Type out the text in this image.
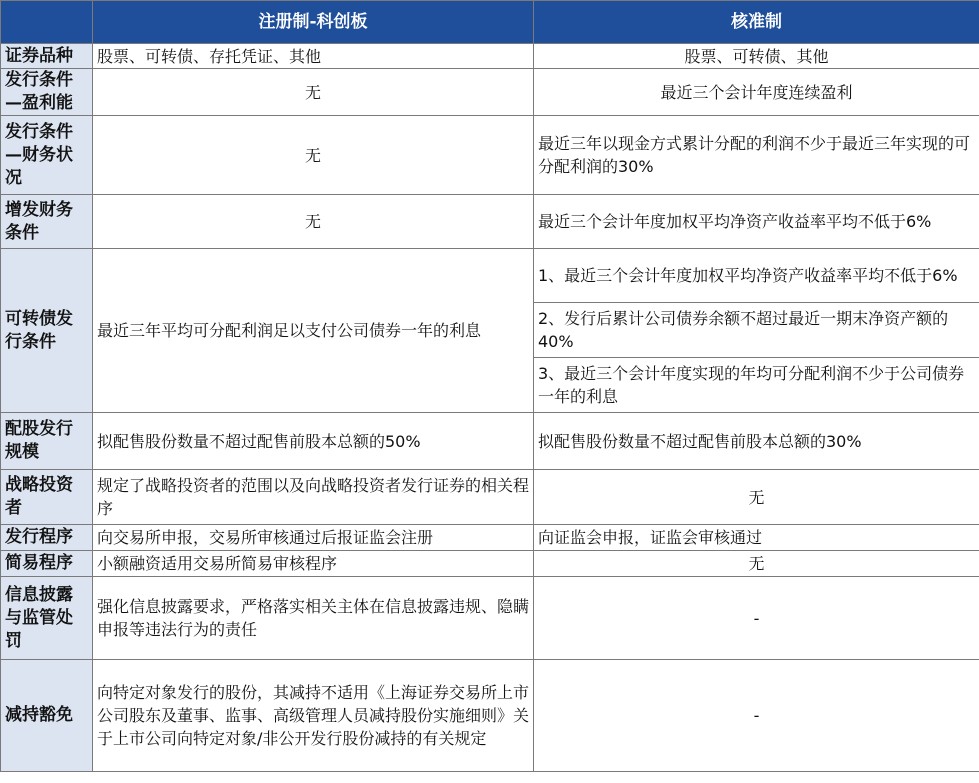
	注册制-科创板	核准制
证券品种	股票、可转债、存托凭证、其他	股票、可转债、其他

发行条件—盈利能	无	最近三个会计年度连续盈利
发行条件—财务状况	无	最近三年以现金方式累计分配的利润不少于最近三年实现的可分配利润的30%
增发财务条件	无	最近三个会计年度加权平均净资产收益率平均不低于6%
可转债发行条件	最近三年平均可分配利润足以支付公司债券一年的利息	1、最近三个会计年度加权平均净资产收益率平均不低于6%
		2、发行后累计公司债券余额不超过最近一期末净资产额的40%
		3、最近三个会计年度实现的年均可分配利润不少于公司债券一年的利息
配股发行规模	拟配售股份数量不超过配售前股本总额的50%	拟配售股份数量不超过配售前股本总额的30%
战略投资者	规定了战略投资者的范围以及向战略投资者发行证券的相关程序	无
发行程序	向交易所申报，交易所审核通过后报证监会注册	向证监会申报，证监会审核通过
简易程序	小额融资适用交易所简易审核程序	无
信息披露与监管处罚	强化信息披露要求，严格落实相关主体在信息披露违规、隐瞒申报等违法行为的责任	-
减持豁免	向特定对象发行的股份，其减持不适用《上海证券交易所上市公司股东及董事、监事、高级管理人员减持股份实施细则》关于上市公司向特定对象/非公开发行股份减持的有关规定	-
